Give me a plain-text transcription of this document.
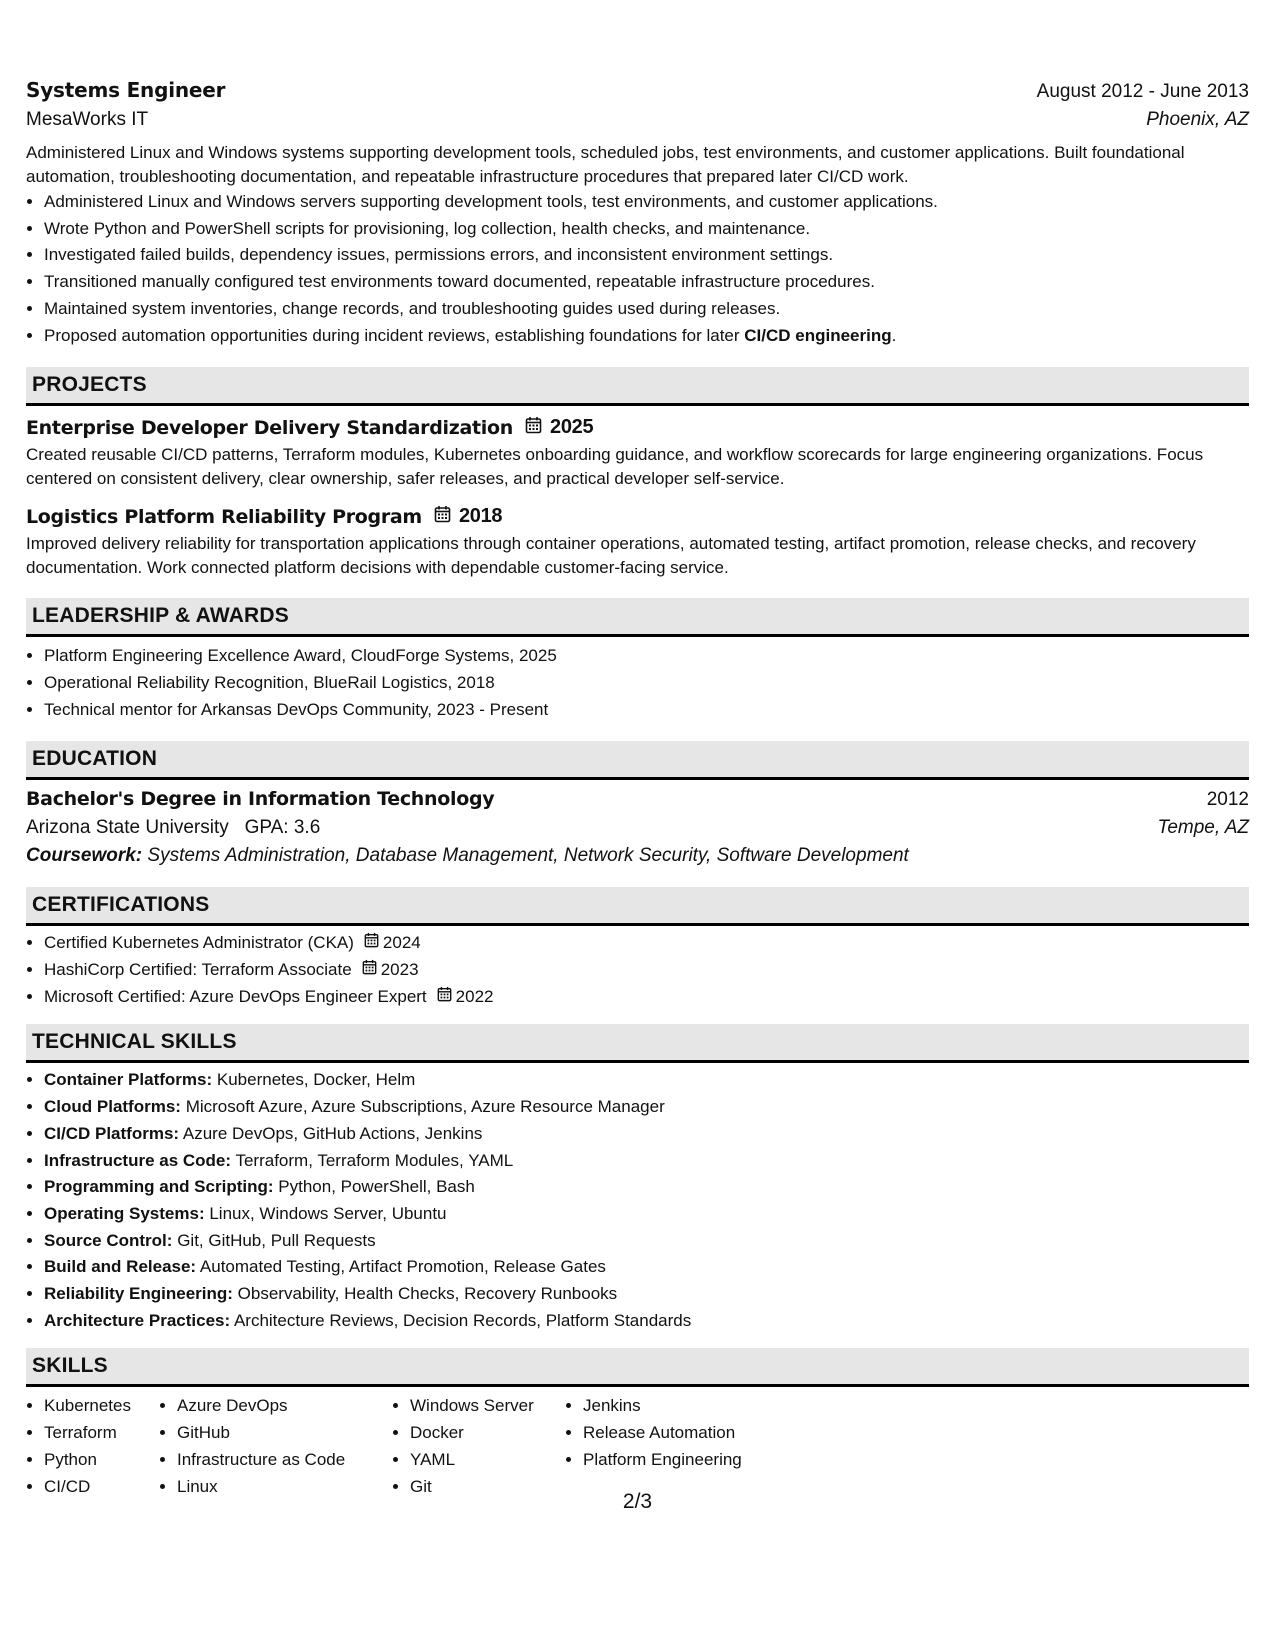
Systems Engineer	August 2012 - June 2013
MesaWorks IT	Phoenix, AZ

Administered Linux and Windows systems supporting development tools, scheduled jobs, test environments, and customer applications. Built foundational automation, troubleshooting documentation, and repeatable infrastructure procedures that prepared later CI/CD work.

• Administered Linux and Windows servers supporting development tools, test environments, and customer applications.
• Wrote Python and PowerShell scripts for provisioning, log collection, health checks, and maintenance.
• Investigated failed builds, dependency issues, permissions errors, and inconsistent environment settings.
• Transitioned manually configured test environments toward documented, repeatable infrastructure procedures.
• Maintained system inventories, change records, and troubleshooting guides used during releases.
• Proposed automation opportunities during incident reviews, establishing foundations for later CI/CD engineering.
PROJECTS
Enterprise Developer Delivery Standardization 2025

Created reusable CI/CD patterns, Terraform modules, Kubernetes onboarding guidance, and workflow scorecards for large engineering organizations. Focus centered on consistent delivery, clear ownership, safer releases, and practical developer self-service.

Logistics Platform Reliability Program 2018

Improved delivery reliability for transportation applications through container operations, automated testing, artifact promotion, release checks, and recovery documentation. Work connected platform decisions with dependable customer-facing service.

LEADERSHIP & AWARDS
• Platform Engineering Excellence Award, CloudForge Systems, 2025
• Operational Reliability Recognition, BlueRail Logistics, 2018
• Technical mentor for Arkansas DevOps Community, 2023 - Present
EDUCATION
Bachelor's Degree in Information Technology	2012
Arizona State University GPA: 3.6	Tempe, AZ
Coursework: Systems Administration, Database Management, Network Security, Software Development
CERTIFICATIONS
• Certified Kubernetes Administrator (CKA) 2024
• HashiCorp Certified: Terraform Associate 2023
• Microsoft Certified: Azure DevOps Engineer Expert 2022
TECHNICAL SKILLS
• Container Platforms: Kubernetes, Docker, Helm
• Cloud Platforms: Microsoft Azure, Azure Subscriptions, Azure Resource Manager
• CI/CD Platforms: Azure DevOps, GitHub Actions, Jenkins
• Infrastructure as Code: Terraform, Terraform Modules, YAML
• Programming and Scripting: Python, PowerShell, Bash
• Operating Systems: Linux, Windows Server, Ubuntu
• Source Control: Git, GitHub, Pull Requests
• Build and Release: Automated Testing, Artifact Promotion, Release Gates
• Reliability Engineering: Observability, Health Checks, Recovery Runbooks
• Architecture Practices: Architecture Reviews, Decision Records, Platform Standards
SKILLS
• Kubernetes
• Terraform
• Python
• CI/CD
• Azure DevOps
• GitHub
• Infrastructure as Code
• Linux
• Windows Server
• Docker
• YAML
• Git
• Jenkins
• Release Automation
• Platform Engineering
2/3
